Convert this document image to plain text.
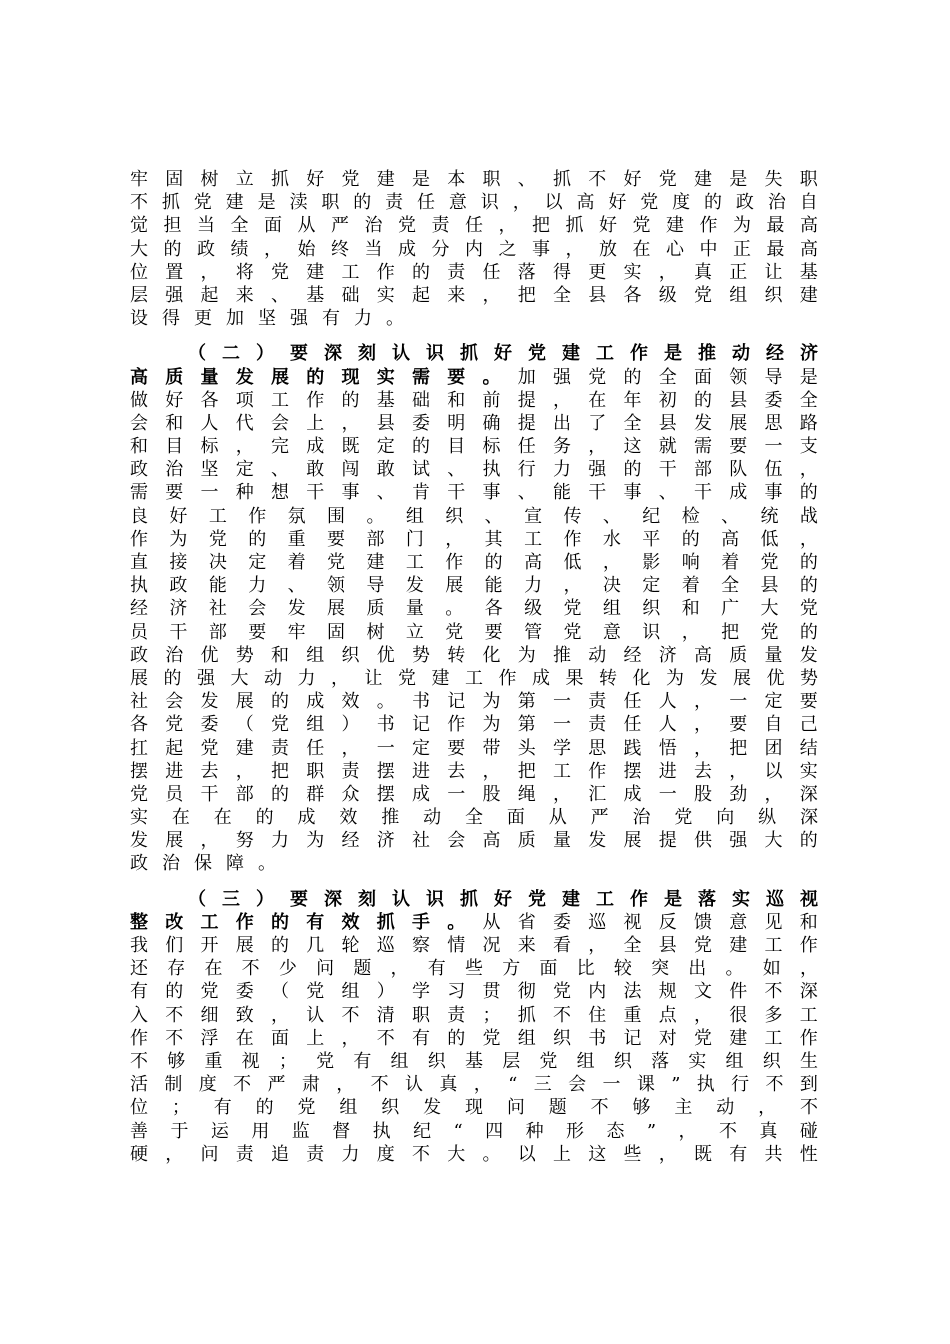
牢 固 树 立 抓 好 党 建 是 本 职 、 抓 不 好 党 建 是 失 职
不 抓 党 建 是 渎 职 的 责 任 意 识 ， 以 高 好 党 度 的 政 治 自
觉 担 当 全 面 从 严 治 党 责 任 ， 把 抓 好 党 建 作 为 最 高
大 的 政 绩 ， 始 终 当 成 分 内 之 事 ， 放 在 心 中 正 最 高
位 置 ， 将 党 建 工 作 的 责 任 落 得 更 实 ， 真 正 让 基
层 强 起 来 、 基 础 实 起 来 ， 把 全 县 各 级 党 组 织 建
设 得 更 加 坚 强 有 力 。
（ 二 ） 要 深 刻 认 识 抓 好 党 建 工 作 是 推 动 经 济
高 质 量 发 展 的 现 实 需 要 。 加 强 党 的 全 面 领 导 是
做 好 各 项 工 作 的 基 础 和 前 提 ， 在 年 初 的 县 委 全
会 和 人 代 会 上 ， 县 委 明 确 提 出 了 全 县 发 展 思 路
和 目 标 ， 完 成 既 定 的 目 标 任 务 ， 这 就 需 要 一 支
政 治 坚 定 、 敢 闯 敢 试 、 执 行 力 强 的 干 部 队 伍 ，
需 要 一 种 想 干 事 、 肯 干 事 、 能 干 事 、 干 成 事 的
良 好 工 作 氛 围 。 组 织 、 宣 传 、 纪 检 、 统 战
作 为 党 的 重 要 部 门 ， 其 工 作 水 平 的 高 低 ，
直 接 决 定 着 党 建 工 作 的 高 低 ， 影 响 着 党 的
执 政 能 力 、 领 导 发 展 能 力 ， 决 定 着 全 县 的
经 济 社 会 发 展 质 量 。 各 级 党 组 织 和 广 大 党
员 干 部 要 牢 固 树 立 党 要 管 党 意 识 ， 把 党 的
政 治 优 势 和 组 织 优 势 转 化 为 推 动 经 济 高 质 量 发
展 的 强 大 动 力 ， 让 党 建 工 作 成 果 转 化 为 发 展 优 势
社 会 发 展 的 成 效 。 书 记 为 第 一 责 任 人 ， 一 定 要
各 党 委 （ 党 组 ） 书 记 作 为 第 一 责 任 人 ， 要 自 己
扛 起 党 建 责 任 ， 一 定 要 带 头 学 思 践 悟 ， 把 团 结
摆 进 去 ， 把 职 责 摆 进 去 ， 把 工 作 摆 进 去 ， 以 实
党 员 干 部 的 群 众 摆 成 一 股 绳 ， 汇 成 一 股 劲 ， 深
实 在 在 的 成 效 推 动 全 面 从 严 治 党 向 纵 深
发 展 ， 努 力 为 经 济 社 会 高 质 量 发 展 提 供 强 大 的
政 治 保 障 。
（ 三 ） 要 深 刻 认 识 抓 好 党 建 工 作 是 落 实 巡 视
整 改 工 作 的 有 效 抓 手 。 从 省 委 巡 视 反 馈 意 见 和
我 们 开 展 的 几 轮 巡 察 情 况 来 看 ， 全 县 党 建 工 作
还 存 在 不 少 问 题 ， 有 些 方 面 比 较 突 出 。 如 ，
有 的 党 委 （ 党 组 ） 学 习 贯 彻 党 内 法 规 文 件 不 深
入 不 细 致 ， 认 不 清 职 责 ； 抓 不 住 重 点 ， 很 多 工
作 不 浮 在 面 上 ， 不 有 的 党 组 织 书 记 对 党 建 工 作
不 够 重 视 ； 党 有 组 织 基 层 党 组 织 落 实 组 织 生
活 制 度 不 严 肃 ， 不 认 真 ， “ 三 会 一 课 ” 执 行 不 到
位 ； 有 的 党 组 织 发 现 问 题 不 够 主 动 ， 不
善 于 运 用 监 督 执 纪 “ 四 种 形 态 ” ， 不 真 碰
硬 ， 问 责 追 责 力 度 不 大 。 以 上 这 些 ， 既 有 共 性
